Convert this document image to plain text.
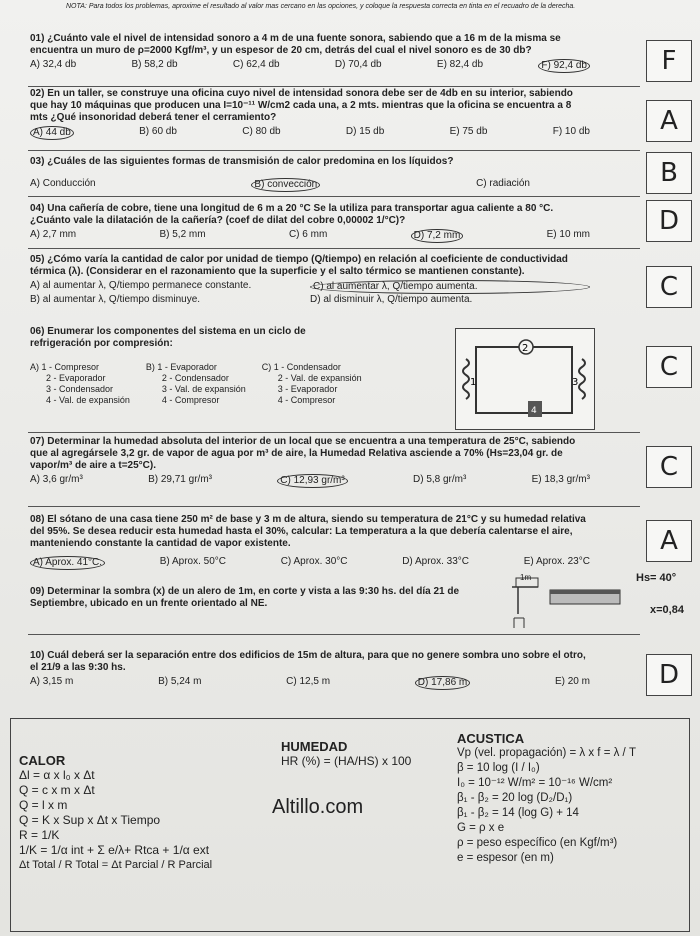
NOTA: Para todos los problemas, aproxime el resultado al valor mas cercano en las opciones, y coloque la respuesta correcta en tinta en el recuadro de la derecha.
01) ¿Cuánto vale el nivel de intensidad sonoro a 4 m de una fuente sonora, sabiendo que a 16 m de la misma se encuentra un muro de ρ=2000 Kgf/m³, y un espesor de 20 cm, detrás del cual el nivel sonoro es de 30 db?
A) 32,4 db	B) 58,2 db	C) 62,4 db	D) 70,4 db	E) 82,4 db	F) 92,4 db	F
02) En un taller, se construye una oficina cuyo nivel de intensidad sonora debe ser de 4db en su interior, sabiendo que hay 10 máquinas que producen una I=10⁻¹¹ W/cm2 cada una, a 2 mts. mientras que la oficina se encuentra a 8 mts ¿Qué insonoridad deberá tener el cerramiento?
A) 44 db	B) 60 db	C) 80 db	D) 15 db	E) 75 db	F) 10 db	A
03) ¿Cuáles de las siguientes formas de transmisión de calor predomina en los líquidos?
A) Conducción	B) convección	C) radiación	B
04) Una cañería de cobre, tiene una longitud de 6 m a 20 °C Se la utiliza para transportar agua caliente a 80 °C. ¿Cuánto vale la dilatación de la cañería? (coef de dilat del cobre 0,00002 1/°C)?
A) 2,7 mm	B) 5,2 mm	C) 6 mm	D) 7,2 mm	E) 10 mm	D
05) ¿Cómo varía la cantidad de calor por unidad de tiempo (Q/tiempo) en relación al coeficiente de conductividad térmica (λ). (Considerar en el razonamiento que la superficie y el salto térmico se mantienen constante).
A) al aumentar λ, Q/tiempo permanece constante.	C) al aumentar λ, Q/tiempo aumenta.
B) al aumentar λ, Q/tiempo disminuye.	D) al disminuir λ, Q/tiempo aumenta.	C
06) Enumerar los componentes del sistema en un ciclo de refrigeración por compresión:
A) 1 - Compresor
2 - Evaporador
3 - Condensador
4 - Val. de expansión
B) 1 - Evaporador
2 - Condensador
3 - Val. de expansión
4 - Compresor
C) 1 - Condensador
2 - Val. de expansión
3 - Evaporador
4 - Compresor
2
1	3
4
C
07) Determinar la humedad absoluta del interior de un local que se encuentra a una temperatura de 25°C, sabiendo que al agregársele 3,2 gr. de vapor de agua por m³ de aire, la Humedad Relativa asciende a 70% (Hs=23,04 gr. de vapor/m³ de aire a t=25°C).
A) 3,6 gr/m³	B) 29,71 gr/m³	C) 12,93 gr/m³	D) 5,8 gr/m³	E) 18,3 gr/m³	C
08) El sótano de una casa tiene 250 m² de base y 3 m de altura, siendo su temperatura de 21°C y su humedad relativa del 95%. Se desea reducir esta humedad hasta el 30%, calcular: La temperatura a la que debería calentarse el aire, manteniendo constante la cantidad de vapor existente.
A) Aprox. 41°C.	B) Aprox. 50°C	C) Aprox. 30°C	D) Aprox. 33°C	E) Aprox. 23°C
A
09) Determinar la sombra (x) de un alero de 1m, en corte y vista a las 9:30 hs. del día 21 de Septiembre, ubicado en un frente orientado al NE.
1m	Hs= 40°
x=0,84
10) Cuál deberá ser la separación entre dos edificios de 15m de altura, para que no genere sombra uno sobre el otro, el 21/9 a las 9:30 hs.
A) 3,15 m	B) 5,24 m	C) 12,5 m	D) 17,86 m	E) 20 m	D
CALOR
Δl = α x l₀ x Δt
Q = c x m x Δt
Q = l x m
Q = K x Sup x Δt x Tiempo
R = 1/K
1/K = 1/α int + Σ e/λ+ Rtca + 1/α ext
Δt Total / R Total = Δt Parcial / R Parcial
HUMEDAD
HR (%) = (HA/HS) x 100
ACUSTICA
Vp (vel. propagación) = λ x f = λ / T
β = 10 log (I / I₀)
I₀ = 10⁻¹² W/m² = 10⁻¹⁶ W/cm²
β₁ - β₂ = 20 log (D₂/D₁)
β₁ - β₂ = 14 (log G) + 14
G = ρ x e
ρ = peso específico (en Kgf/m³)
e = espesor (en m)
Altillo.com
